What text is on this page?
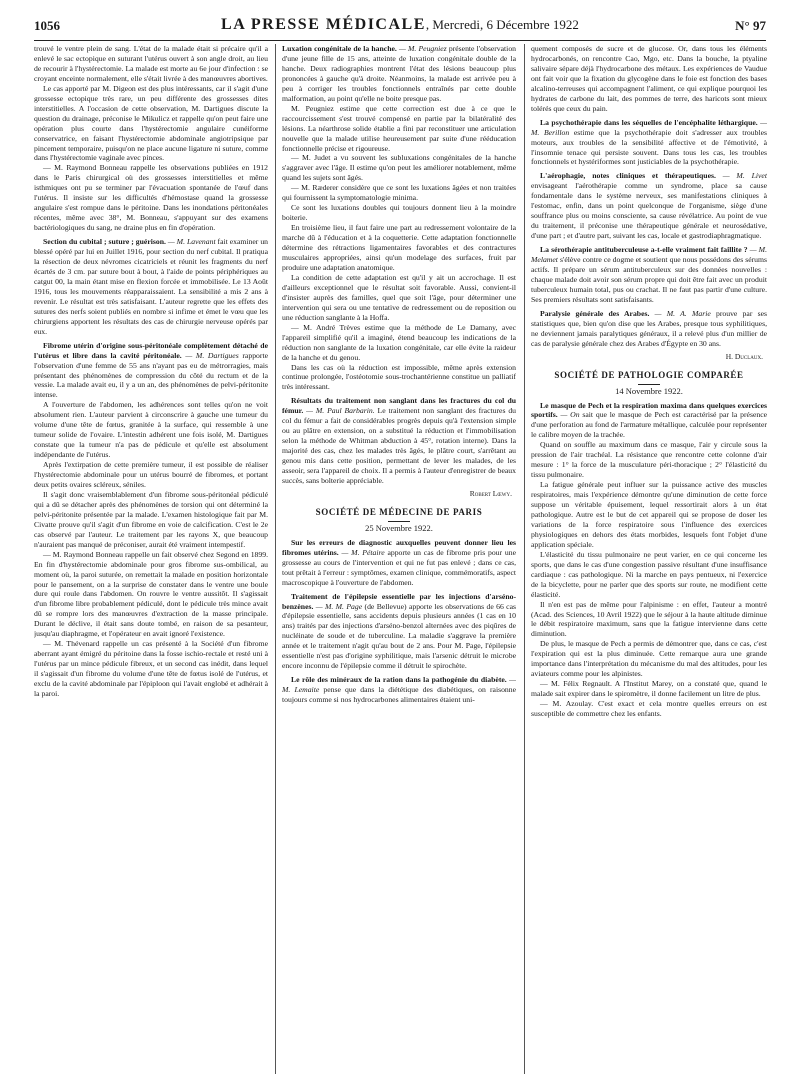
1056	LA PRESSE MÉDICALE, Mercredi, 6 Décembre 1922	N° 97

trouvé le ventre plein de sang. L'état de la malade était si précaire qu'il a enlevé le sac ectopique en suturant l'utérus ouvert à son angle droit, au lieu de recourir à l'hystérectomie. La malade est morte au 6e jour d'infection : se croyant enceinte normalement, elle s'était livrée à des manœuvres abortives.

Le cas apporté par M. Digeon est des plus intéressants, car il s'agit d'une grossesse ectopique très rare, un peu différente des grossesses dites interstitielles. A l'occasion de cette observation, M. Dartigues discute la question du drainage, préconise le Mikulicz et rappelle qu'on peut faire une opération plus courte dans l'hystérectomie angulaire cunéiforme conservatrice, en faisant l'hystérectomie abdominale angiotripsique par pincement temporaire, puisqu'on ne place aucune ligature ni suture, comme dans l'hystérectomie vaginale avec pinces.

— M. Raymond Bonneau rappelle les observations publiées en 1912 dans le Paris chirurgical où des grossesses interstitielles et même isthmiques ont pu se terminer par l'évacuation spontanée de l'œuf dans l'utérus. Il insiste sur les difficultés d'hémostase quand la grossesse angulaire s'est rompue dans le péritoine. Dans les inondations péritonéales récentes, même avec 38°, M. Bonneau, s'appuyant sur des examens bactériologiques du sang, ne draine plus en fin d'opération.

Section du cubital ; suture ; guérison. — M. Lavenant fait examiner un blessé opéré par lui en Juillet 1916, pour section du nerf cubital. Il pratiqua la résection de deux névromes cicatriciels et réunit les fragments du nerf écartés de 3 cm. par suture bout à bout, à l'aide de points périphériques au catgut 00, la main étant mise en flexion forcée et immobilisée. Le 13 Août 1916, tous les mouvements réapparaissaient. La sensibilité a mis 2 ans à revenir. Le résultat est très satisfaisant. L'auteur regrette que les effets des sutures des nerfs soient publiés en nombre si infime et émet le vœu que les chirurgiens apportent les résultats des cas de chirurgie nerveuse opérés par eux.

Fibrome utérin d'origine sous-péritonéale complètement détaché de l'utérus et libre dans la cavité péritonéale. — M. Dartigues rapporte l'observation d'une femme de 55 ans n'ayant pas eu de métrorragies, mais présentant des phénomènes de compression du côté du rectum et de la vessie. La malade avait eu, il y a un an, des phénomènes de pelvi-péritonite intense.

A l'ouverture de l'abdomen, les adhérences sont telles qu'on ne voit absolument rien. L'auteur parvient à circonscrire à gauche une tumeur du volume d'une tête de fœtus, granitée à la surface, qui ressemble à une tumeur solide de l'ovaire. L'intestin adhérent une fois isolé, M. Dartigues constate que la tumeur n'a pas de pédicule et qu'elle est absolument indépendante de l'utérus.

Après l'extirpation de cette première tumeur, il est possible de réaliser l'hystérectomie abdominale pour un utérus bourré de fibromes, et portant deux petits ovaires scléreux, séniles.

Il s'agit donc vraisemblablement d'un fibrome sous-péritonéal pédiculé qui a dû se détacher après des phénomènes de torsion qui ont déterminé la pelvi-péritonite présentée par la malade. L'examen histologique fait par M. Civatte prouve qu'il s'agit d'un fibrome en voie de calcification. C'est le 2e cas observé par l'auteur. Le traitement par les rayons X, que beaucoup n'auraient pas manqué de préconiser, aurait été vraiment intempestif.

— M. Raymond Bonneau rappelle un fait observé chez Segond en 1899. En fin d'hystérectomie abdominale pour gros fibrome sus-ombilical, au moment où, la paroi suturée, on remettait la malade en position horizontale pour le pansement, on a la surprise de constater dans le ventre une boule dure qui roule dans l'abdomen. On rouvre le ventre aussitôt. Il s'agissait d'un fibrome libre probablement pédiculé, dont le pédicule très mince avait dû se rompre lors des manœuvres d'extraction de la masse principale. Durant le déclive, il était sans doute tombé, en raison de sa pesanteur, jusqu'au diaphragme, et l'opérateur en avait ignoré l'existence.

— M. Thévenard rappelle un cas présenté à la Société d'un fibrome aberrant ayant émigré du péritoine dans la fosse ischio-rectale et resté uni à l'utérus par un mince pédicule fibreux, et un second cas inédit, dans lequel il s'agissait d'un fibrome du volume d'une tête de fœtus isolé de l'utérus, et exclu de la cavité abdominale par l'épiploon qui l'avait englobé et adhérait à la paroi.

Luxation congénitale de la hanche. — M. Peugniez présente l'observation d'une jeune fille de 15 ans, atteinte de luxation congénitale double de la hanche. Deux radiographies montrent l'état des lésions beaucoup plus prononcées à gauche qu'à droite. Néanmoins, la malade est arrivée peu à peu à corriger les troubles fonctionnels entraînés par cette double malformation, au point qu'elle ne boite presque pas.

M. Peugniez estime que cette correction est due à ce que le raccourcissement s'est trouvé compensé en partie par la bilatéralité des lésions. La néarthrose solide établie a fini par reconstituer une articulation nouvelle que la malade utilise heureusement par suite d'une rééducation fonctionnelle précise et rigoureuse.

— M. Judet a vu souvent les subluxations congénitales de la hanche s'aggraver avec l'âge. Il estime qu'on peut les améliorer notablement, même quand les sujets sont âgés.

— M. Ræderer considère que ce sont les luxations âgées et non traitées qui fournissent la symptomatologie minima.

Ce sont les luxations doubles qui toujours donnent lieu à la moindre boiterie.

En troisième lieu, il faut faire une part au redressement volontaire de la marche dû à l'éducation et à la coquetterie. Cette adaptation fonctionnelle détermine des rétractions ligamentaires favorables et des contractures musculaires appropriées, ainsi qu'un modelage des surfaces, fruit par produire une adaptation anatomique.

La condition de cette adaptation est qu'il y ait un accrochage. Il est d'ailleurs exceptionnel que le résultat soit favorable. Aussi, convient-il d'insister auprès des familles, quel que soit l'âge, pour déterminer une intervention qui sera ou une tentative de redressement ou de reposition ou une réduction sanglante à la Hoffa.

— M. André Trèves estime que la méthode de Le Damany, avec l'appareil simplifié qu'il a imaginé, étend beaucoup les indications de la réduction non sanglante de la luxation congénitale, car elle évite la raideur de la hanche et du genou.

Dans les cas où la réduction est impossible, même après extension continue prolongée, l'ostéotomie sous-trochantérienne constitue un palliatif très intéressant.

Résultats du traitement non sanglant dans les fractures du col du fémur. — M. Paul Barbarin. Le traitement non sanglant des fractures du col du fémur a fait de considérables progrès depuis qu'à l'extension simple ou au plâtre en extension, on a substitué la réduction et l'immobilisation selon la méthode de Whitman abduction à 45°, rotation interne). Dans la majorité des cas, chez les malades très âgés, le plâtre court, s'arrêtant au genou mis dans cette position, permettant de lever les malades, de les asseoir, sera l'appareil de choix. Il a permis à l'auteur d'enregistrer de beaux succès, sans bolterie appréciable.

Robert Lœwy.
SOCIÉTÉ DE MÉDECINE DE PARIS
25 Novembre 1922.

Sur les erreurs de diagnostic auxquelles peuvent donner lieu les fibromes utérins. — M. Pétaire apporte un cas de fibrome pris pour une grossesse au cours de l'intervention et qui ne fut pas enlevé ; dans ce cas, tout prêtait à l'erreur : symptômes, examen clinique, commémoratifs, aspect macroscopique à l'ouverture de l'abdomen.

Traitement de l'épilepsie essentielle par les injections d'arséno-benzènes. — M. M. Page (de Bellevue) apporte les observations de 66 cas d'épilepsie essentielle, sans accidents depuis plusieurs années (1 cas en 10 ans) traités par des injections d'arséno-benzol alternées avec des piqûres de nucléinate de soude et de tuberculine. La maladie s'aggrave la première année et le traitement n'agit qu'au bout de 2 ans. Pour M. Page, l'épilepsie essentielle n'est pas d'origine syphilitique, mais l'arsenic détruit le microbe encore inconnu de l'épilepsie comme il détruit le spirochète.

Le rôle des minéraux de la ration dans la pathogénie du diabète. — M. Lemaite pense que dans la diététique des diabétiques, on raisonne toujours comme si nos hydrocarbones alimentaires étaient uni-

quement composés de sucre et de glucose. Or, dans tous les éléments hydrocarbonés, on rencontre Cao, Mgo, etc. Dans la bouche, la ptyaline salivaire sépare déjà l'hydrocarbone des métaux. Les expériences de Vaudue ont fait voir que la fixation du glycogène dans le foie est fonction des bases alcalino-terreuses qui accompagnent l'aliment, ce qui explique pourquoi les hydrates de carbone du lait, des pommes de terre, des haricots sont mieux tolérés que ceux du pain.

La psychothérapie dans les séquelles de l'encéphalite léthargique. — M. Berillon estime que la psychothérapie doit s'adresser aux troubles moteurs, aux troubles de la sensibilité affective et de l'émotivité, à l'insomnie tenace qui persiste souvent. Dans tous les cas, les troubles fonctionnels et hystériformes sont justiciables de la psychothérapie.

L'aérophagie, notes cliniques et thérapeutiques. — M. Livet envisageant l'aérothérapie comme un syndrome, place sa cause fondamentale dans le système nerveux, ses manifestations cliniques à l'estomac, enfin, dans un point quelconque de l'organisme, siège d'une souffrance plus ou moins consciente, sa cause révélatrice. Au point de vue du traitement, il préconise une thérapeutique générale et neurosédative, d'une part ; et d'autre part, suivant les cas, locale et gastrodiaphragmatique.

La sérothérapie antituberculeuse a-t-elle vraiment fait faillite ? — M. Melamet s'élève contre ce dogme et soutient que nous possédons des sérums actifs. Il prépare un sérum antituberculeux sur des données nouvelles : chaque malade doit avoir son sérum propre qui doit être fait avec un produit tuberculeux humain total, pus ou crachat. Il ne faut pas partir d'une culture. Ses premiers résultats sont satisfaisants.

Paralysie générale des Arabes. — M. A. Marie prouve par ses statistiques que, bien qu'on dise que les Arabes, presque tous syphilitiques, ne deviennent jamais paralytiques généraux, il a relevé plus d'un millier de cas de paralysie générale chez des Arabes d'Égypte en 30 ans.

H. Duclaux.
SOCIÉTÉ DE PATHOLOGIE COMPARÉE
14 Novembre 1922.

Le masque de Pech et la respiration maxima dans quelques exercices sportifs. — On sait que le masque de Pech est caractérisé par la présence d'une perforation au fond de l'armature métallique, calculée pour représenter le calibre moyen de la trachée.

Quand on souffle au maximum dans ce masque, l'air y circule sous la pression de l'air trachéal. La résistance que rencontre cette colonne d'air mesure : 1° la force de la musculature péri-thoracique ; 2° l'élasticité du tissu pulmonaire.

La fatigue générale peut influer sur la puissance active des muscles respiratoires, mais l'expérience démontre qu'une diminution de cette force suppose un véritable épuisement, lequel ressortirait alors à un état pathologique. Autre est le but de cet appareil qui se propose de doser les variations de la force respiratoire sous l'influence des exercices physiologiques en dehors des états morbides, lesquels font l'objet d'une application spéciale.

L'élasticité du tissu pulmonaire ne peut varier, en ce qui concerne les sports, que dans le cas d'une congestion passive résultant d'une insuffisance cardiaque : cas pathologique. Ni la marche en pays pentueux, ni l'exercice de la bicyclette, pour ne parler que des sports sur route, ne modifient cette élasticité.

Il n'en est pas de même pour l'alpinisme : en effet, l'auteur a montré (Acad. des Sciences, 10 Avril 1922) que le séjour à la haute altitude diminue le débit respiratoire maximum, sans que la fatigue intervienne dans cette diminution.

De plus, le masque de Pech a permis de démontrer que, dans ce cas, c'est l'expiration qui est la plus diminuée. Cette remarque aura une grande importance dans l'interprétation du mécanisme du mal des altitudes, pour les aviateurs comme pour les alpinistes.

— M. Félix Regnault. A l'Institut Marey, on a constaté que, quand le malade sait expirer dans le spiromètre, il donne facilement un litre de plus.

— M. Azoulay. C'est exact et cela montre quelles erreurs on est susceptible de commettre chez les enfants.
